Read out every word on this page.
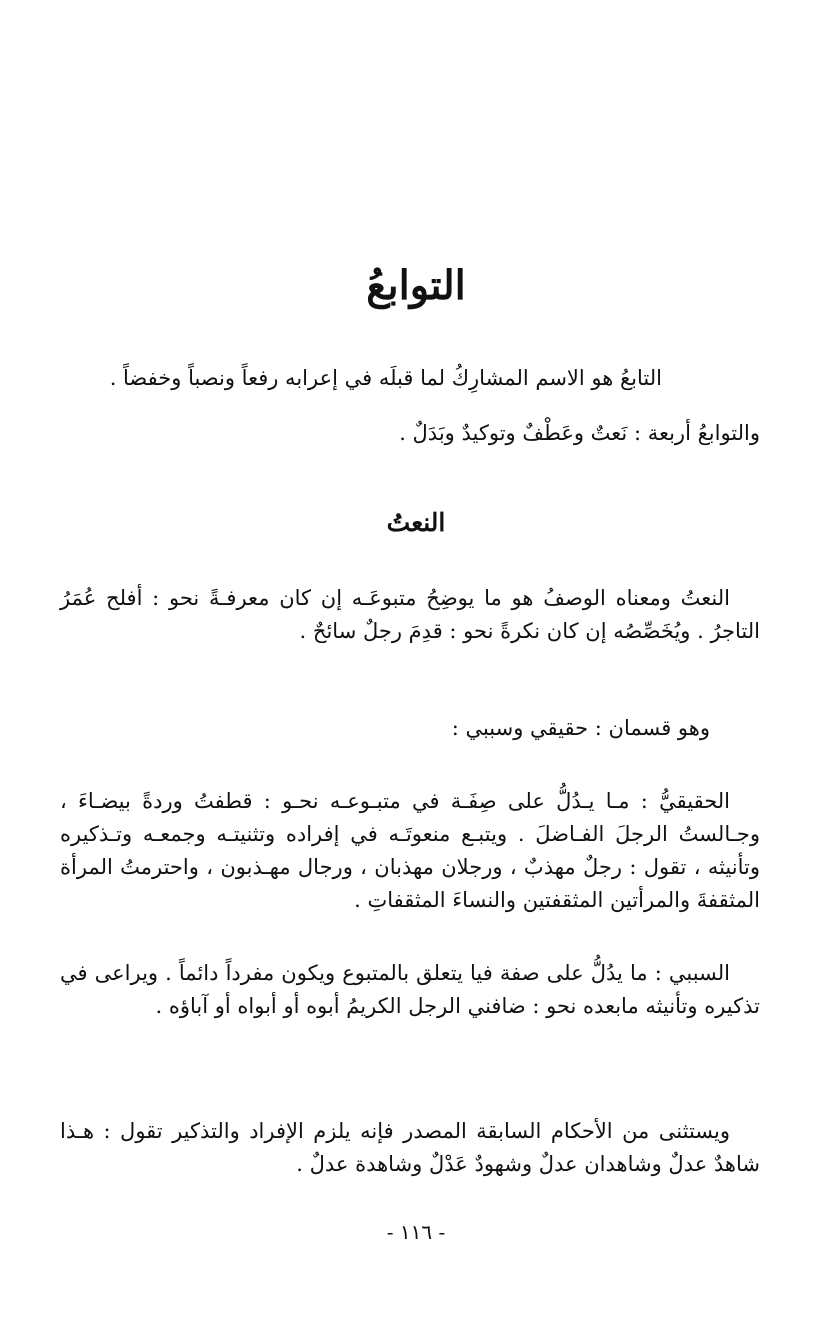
التوابعُ
التابعُ هو الاسم المشارِكُ لما قبلَه في إعرابه رفعاً ونصباً وخفضاً .
والتوابعُ أربعة : نَعتٌ وعَطْفٌ وتوكيدٌ وبَدَلٌ .
النعتُ

النعتُ ومعناه الوصفُ هو ما يوضِحُ متبوعَـه إن كان معرفـةً نحو : أفلح عُمَرُ التاجرُ . ويُخَصِّصُه إن كان نكرةً نحو : قدِمَ رجلٌ سائحٌ .

وهو قسمان : حقيقي وسببي :

الحقيقيُّ : مـا يـدُلُّ على صِفَـة في متبـوعـه نحـو : قطفتُ وردةً بيضـاءَ ، وجـالستُ الرجلَ الفـاضلَ . ويتبـع منعوتَـه في إفراده وتثنيتـه وجمعـه وتـذكيره وتأنيثه ، تقول : رجلٌ مهذبٌ ، ورجلان مهذبان ، ورجال مهـذبون ، واحترمتُ المرأة المثقفةَ والمرأتين المثقفتين والنساءَ المثقفاتِ .

السببي : ما يدُلُّ على صفة فيا يتعلق بالمتبوع ويكون مفرداً دائماً . ويراعى في تذكيره وتأنيثه مابعده نحو : ضافني الرجل الكريمُ أبوه أو أبواه أو آباؤه .

ويستثنى من الأحكام السابقة المصدر فإنه يلزم الإفراد والتذكير تقول : هـذا شاهدٌ عدلٌ وشاهدان عدلٌ وشهودٌ عَدْلٌ وشاهدة عدلٌ .

- ١١٦ -
